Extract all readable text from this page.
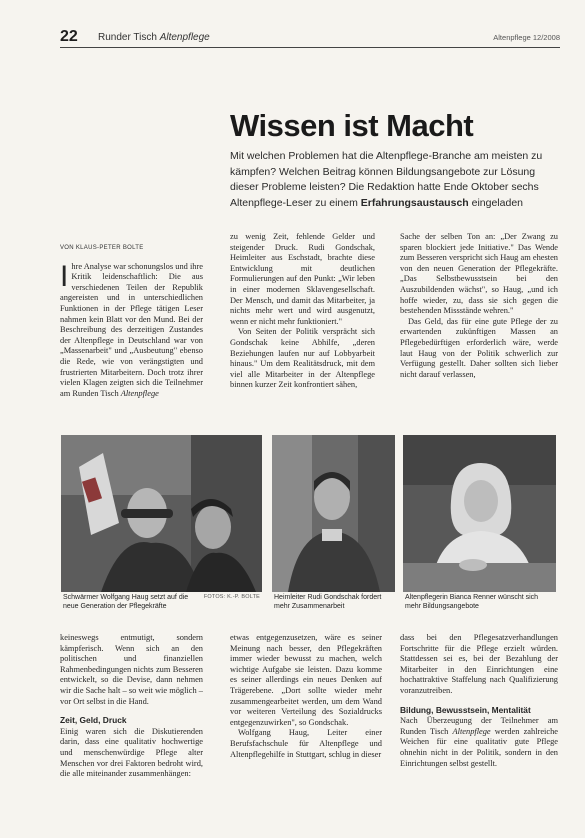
22 Runder Tisch Altenpflege	Altenpflege 12/2008
Wissen ist Macht

Mit welchen Problemen hat die Altenpflege-Branche am meisten zu kämpfen? Welchen Beitrag können Bildungsangebote zur Lösung dieser Probleme leisten? Die Redaktion hatte Ende Oktober sechs Altenpflege-Leser zu einem Erfahrungsaustausch eingeladen

VON KLAUS-PETER BOLTE

Ihre Analyse war schonungslos und ihre Kritik leidenschaftlich: Die aus verschiedenen Teilen der Republik angereisten und in unterschiedlichen Funktionen in der Pflege tätigen Leser nahmen kein Blatt vor den Mund. Bei der Beschreibung des derzeitigen Zustandes der Altenpflege in Deutschland war von „Massenarbeit" und „Ausbeutung" ebenso die Rede, wie von verängstigten und frustrierten Mitarbeitern. Doch trotz ihrer vielen Klagen zeigten sich die Teilnehmer am Runden Tisch Altenpflege

zu wenig Zeit, fehlende Gelder und steigender Druck. Rudi Gondschak, Heimleiter aus Eschstadt, brachte diese Entwicklung mit deutlichen Formulierungen auf den Punkt: „Wir leben in einer modernen Sklavengesellschaft. Der Mensch, und damit das Mitarbeiter, ja nichts mehr wert und wird ausgenutzt, wenn er nicht mehr funktioniert."

Von Seiten der Politik versprächt sich Gondschak keine Abhilfe, „deren Beziehungen laufen nur auf Lobbyarbeit hinaus." Um dem Realitätsdruck, mit dem viel alle Mitarbeiter in der Altenpflege binnen kurzer Zeit konfrontiert sähen,

Sache der selben Ton an: „Der Zwang zu sparen blockiert jede Initiative." Das Wende zum Besseren verspricht sich Haug am ehesten von den neuen Generation der Pflegekräfte. „Das Selbstbewusstsein bei den Auszubildenden wächst", so Haug, „und ich hoffe wieder, zu, dass sie sich gegen die bestehenden Missstände wehren."

Das Geld, das für eine gute Pflege der zu erwartenden zukünftigen Massen an Pflegebedürftigen erforderlich wäre, werde laut Haug von der Politik schwerlich zur Verfügung gestellt. Daher sollten sich lieber nicht darauf verlassen,

FOTOS: K.-P. BOLTE
Schwärmer Wolfgang Haug setzt auf die neue Generation der Pflegekräfte
Heimleiter Rudi Gondschak fordert mehr Zusammenarbeit
Altenpflegerin Bianca Renner wünscht sich mehr Bildungsangebote

keineswegs entmutigt, sondern kämpferisch. Wenn sich an den politischen und finanziellen Rahmenbedingungen nichts zum Besseren entwickelt, so die Devise, dann nehmen wir die Sache halt – so weit wie möglich – vor Ort selbst in die Hand.

Zeit, Geld, Druck

Einig waren sich die Diskutierenden darin, dass eine qualitativ hochwertige und menschenwürdige Pflege alter Menschen vor drei Faktoren bedroht wird, die alle miteinander zusammenhängen:

etwas entgegenzusetzen, wäre es seiner Meinung nach besser, den Pflegekräften immer wieder bewusst zu machen, welch wichtige Aufgabe sie leisten. Dazu komme es seiner allerdings ein neues Denken auf Trägerebene. „Dort sollte wieder mehr zusammengearbeitet werden, um dem Wand vor weiteren Verteilung des Sozialdrucks entgegenzuwirken", so Gondschak.

Wolfgang Haug, Leiter einer Berufsfachschule für Altenpflege und Altenpflegehilfe in Stuttgart, schlug in dieser

dass bei den Pflegesatzverhandlungen Fortschritte für die Pflege erzielt würden. Stattdessen sei es, bei der Bezahlung der Mitarbeiter in den Einrichtungen eine hochattraktive Staffelung nach Qualifizierung voranzutreiben.

Bildung, Bewusstsein, Mentalität

Nach Überzeugung der Teilnehmer am Runden Tisch Altenpflege werden zahlreiche Weichen für eine qualitativ gute Pflege ohnehin nicht in der Politik, sondern in den Einrichtungen selbst gestellt.
